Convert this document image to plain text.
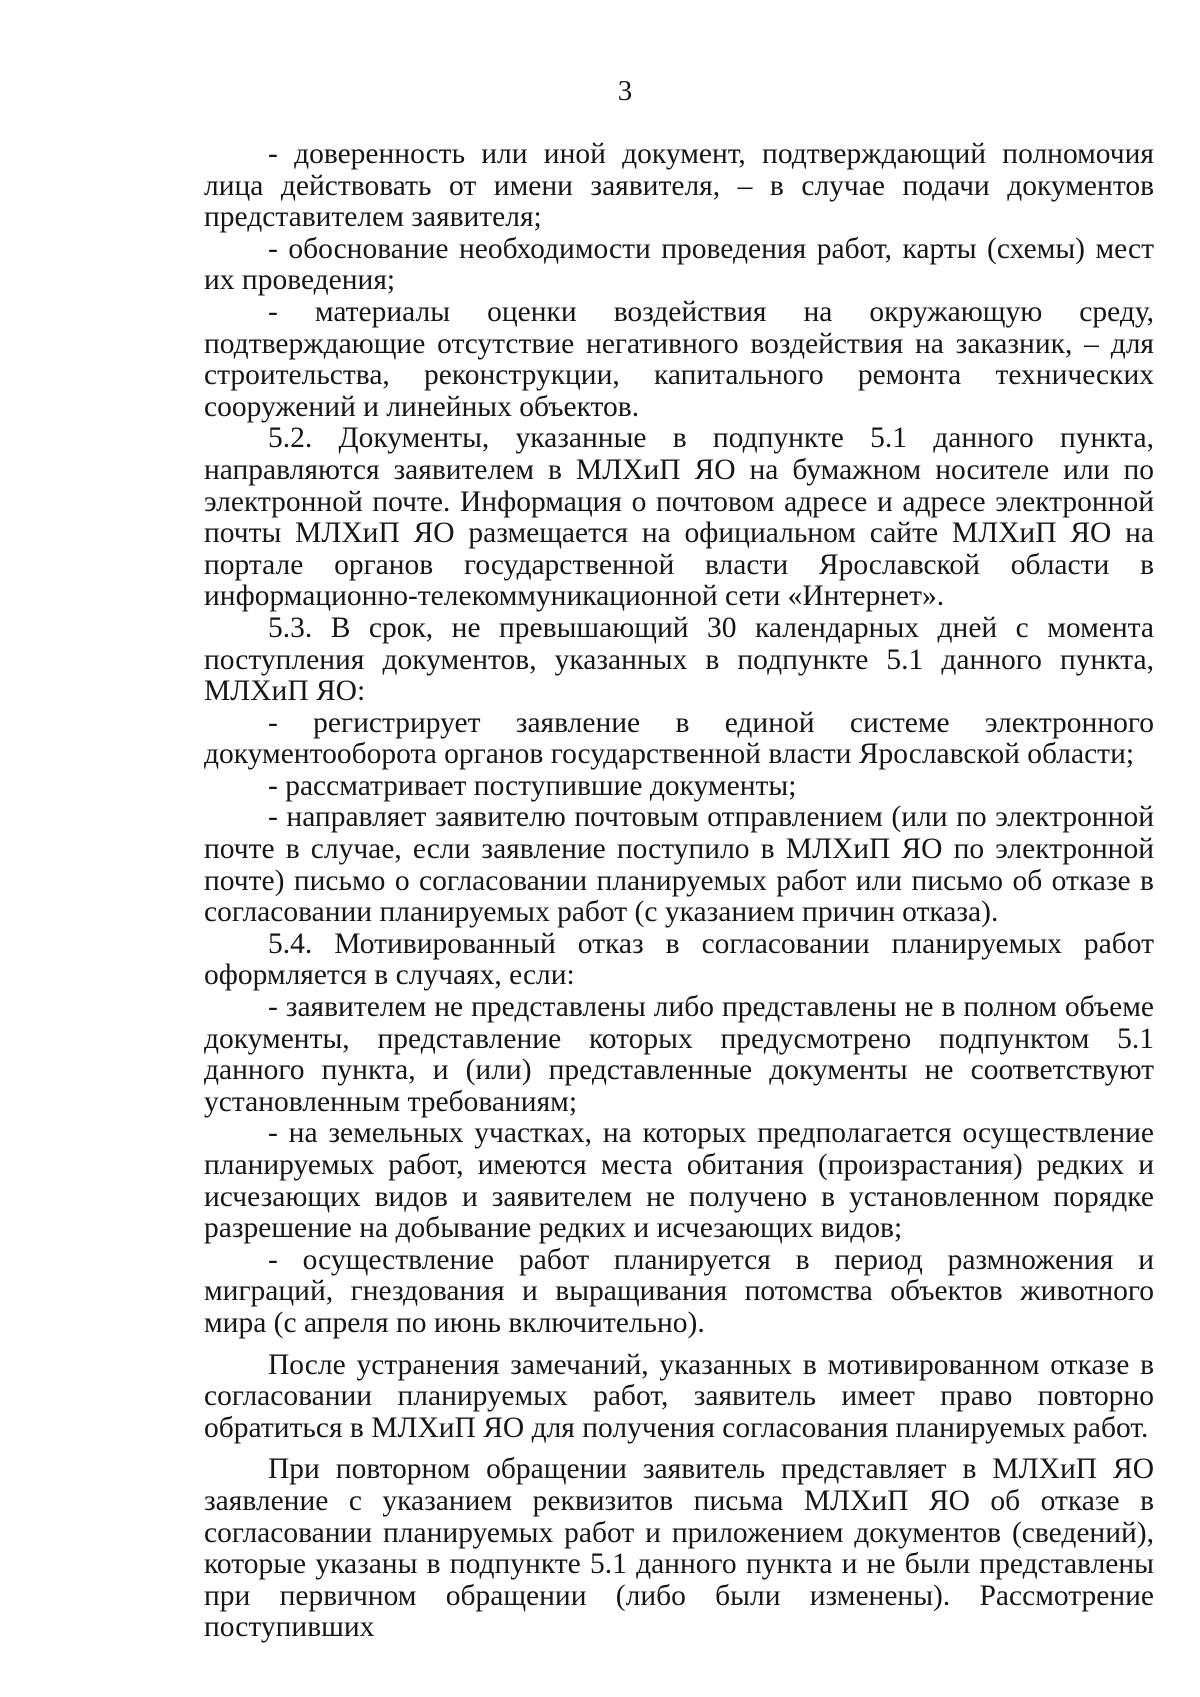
3

- доверенность или иной документ, подтверждающий полномочия лица действовать от имени заявителя, – в случае подачи документов представителем заявителя;

- обоснование необходимости проведения работ, карты (схемы) мест их проведения;

- материалы оценки воздействия на окружающую среду, подтверждающие отсутствие негативного воздействия на заказник, – для строительства, реконструкции, капитального ремонта технических сооружений и линейных объектов.

5.2. Документы, указанные в подпункте 5.1 данного пункта, направляются заявителем в МЛХиП ЯО на бумажном носителе или по электронной почте. Информация о почтовом адресе и адресе электронной почты МЛХиП ЯО размещается на официальном сайте МЛХиП ЯО на портале органов государственной власти Ярославской области в информационно-телекоммуникационной сети «Интернет».

5.3. В срок, не превышающий 30 календарных дней с момента поступления документов, указанных в подпункте 5.1 данного пункта, МЛХиП ЯО:

- регистрирует заявление в единой системе электронного документооборота органов государственной власти Ярославской области;

- рассматривает поступившие документы;

- направляет заявителю почтовым отправлением (или по электронной почте в случае, если заявление поступило в МЛХиП ЯО по электронной почте) письмо о согласовании планируемых работ или письмо об отказе в согласовании планируемых работ (с указанием причин отказа).

5.4. Мотивированный отказ в согласовании планируемых работ оформляется в случаях, если:

- заявителем не представлены либо представлены не в полном объеме документы, представление которых предусмотрено подпунктом 5.1 данного пункта, и (или) представленные документы не соответствуют установленным требованиям;

- на земельных участках, на которых предполагается осуществление планируемых работ, имеются места обитания (произрастания) редких и исчезающих видов и заявителем не получено в установленном порядке разрешение на добывание редких и исчезающих видов;

- осуществление работ планируется в период размножения и миграций, гнездования и выращивания потомства объектов животного мира (с апреля по июнь включительно).

После устранения замечаний, указанных в мотивированном отказе в согласовании планируемых работ, заявитель имеет право повторно обратиться в МЛХиП ЯО для получения согласования планируемых работ.

При повторном обращении заявитель представляет в МЛХиП ЯО заявление с указанием реквизитов письма МЛХиП ЯО об отказе в согласовании планируемых работ и приложением документов (сведений), которые указаны в подпункте 5.1 данного пункта и не были представлены при первичном обращении (либо были изменены). Рассмотрение поступивших
